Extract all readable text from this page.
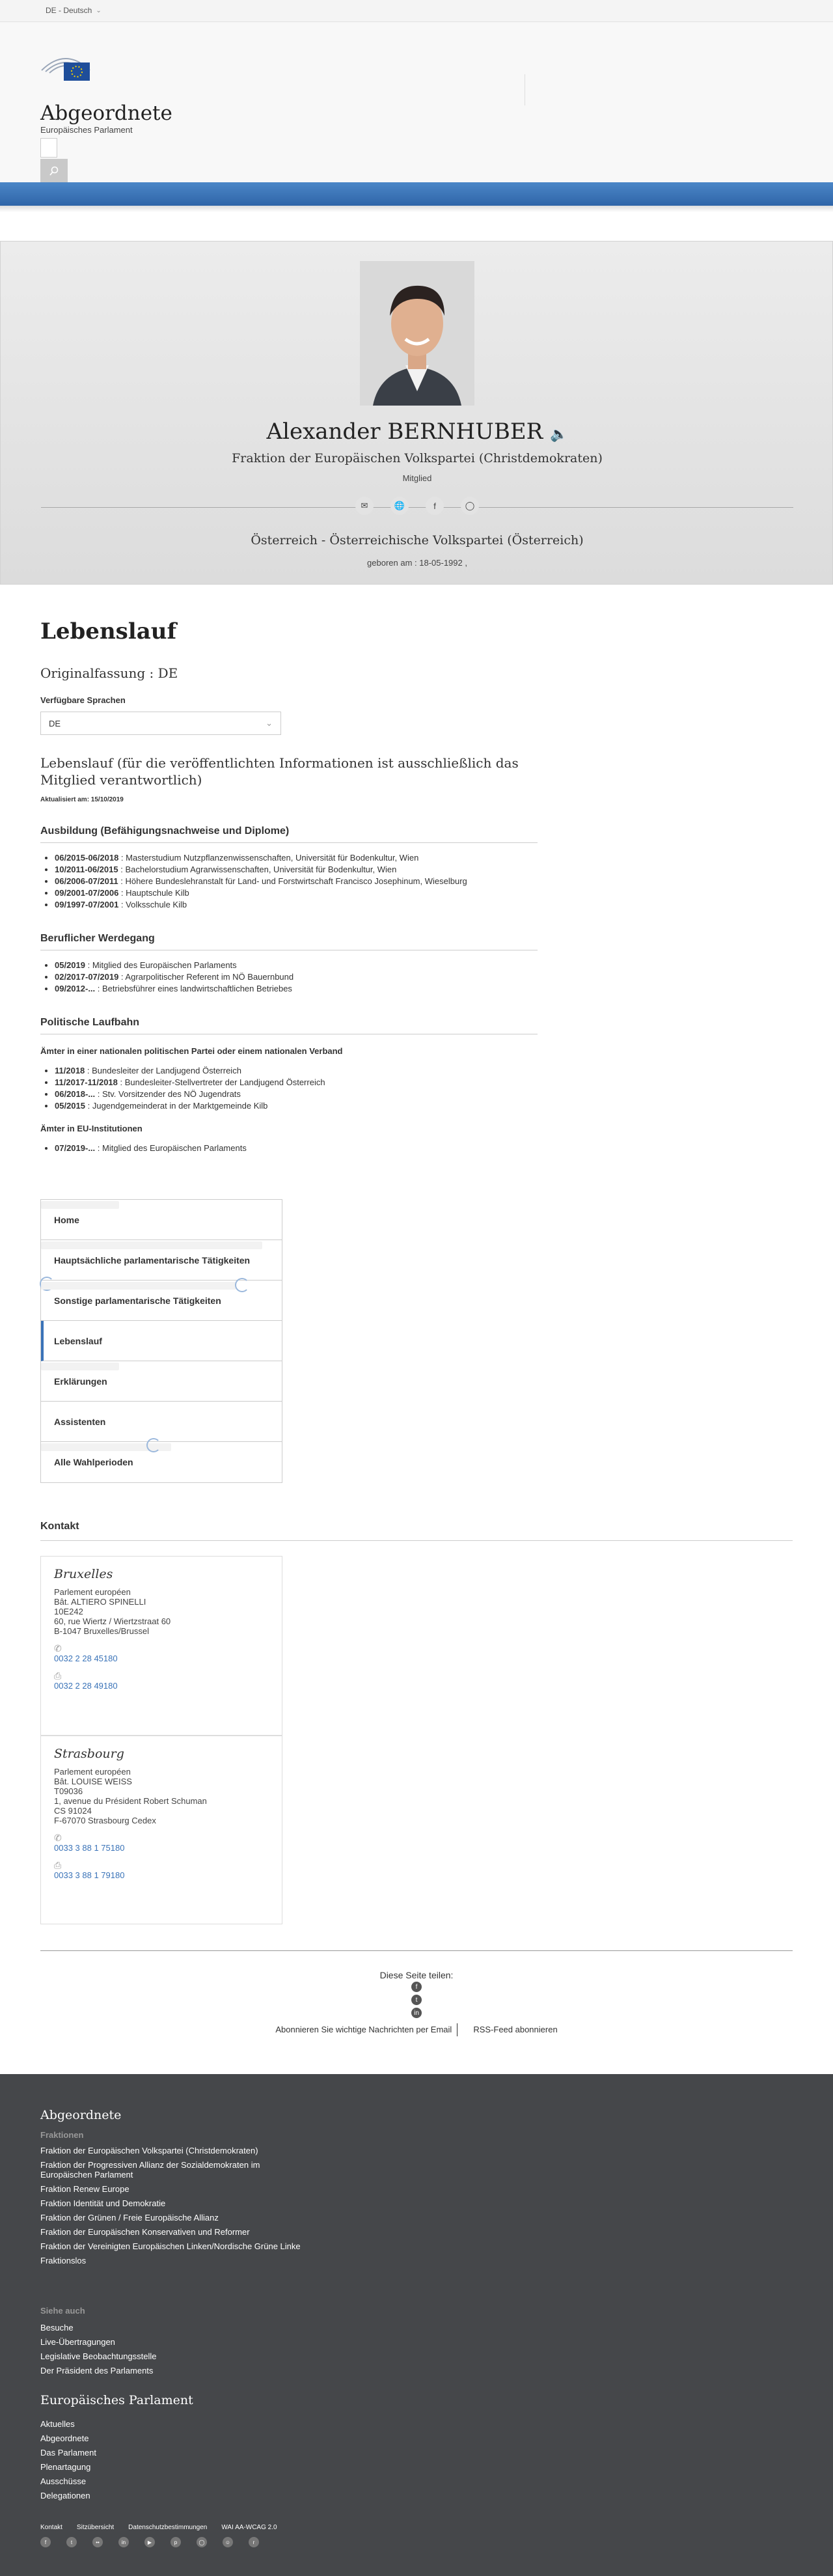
DE - Deutsch ⌄
Abgeordnete
Europäisches Parlament
Alexander BERNHUBER 🔈
Fraktion der Europäischen Volkspartei (Christdemokraten)
Mitglied
✉	🌐	f	◯
Österreich - Österreichische Volkspartei (Österreich)
geboren am : 18-05-1992 ,
Lebenslauf
Originalfassung : DE
Verfügbare Sprachen
DE	⌄
Lebenslauf (für die veröffentlichten Informationen ist ausschließlich das Mitglied verantwortlich)
Aktualisiert am: 15/10/2019
Ausbildung (Befähigungsnachweise und Diplome)
• 06/2015-06/2018 : Masterstudium Nutzpflanzenwissenschaften, Universität für Bodenkultur, Wien
• 10/2011-06/2015 : Bachelorstudium Agrarwissenschaften, Universität für Bodenkultur, Wien
• 06/2006-07/2011 : Höhere Bundeslehranstalt für Land- und Forstwirtschaft Francisco Josephinum, Wieselburg
• 09/2001-07/2006 : Hauptschule Kilb
• 09/1997-07/2001 : Volksschule Kilb
Beruflicher Werdegang
• 05/2019 : Mitglied des Europäischen Parlaments
• 02/2017-07/2019 : Agrarpolitischer Referent im NÖ Bauernbund
• 09/2012-... : Betriebsführer eines landwirtschaftlichen Betriebes
Politische Laufbahn
Ämter in einer nationalen politischen Partei oder einem nationalen Verband
• 11/2018 : Bundesleiter der Landjugend Österreich
• 11/2017-11/2018 : Bundesleiter-Stellvertreter der Landjugend Österreich
• 06/2018-... : Stv. Vorsitzender des NÖ Jugendrats
• 05/2015 : Jugendgemeinderat in der Marktgemeinde Kilb
Ämter in EU-Institutionen
• 07/2019-... : Mitglied des Europäischen Parlaments
Home
Hauptsächliche parlamentarische Tätigkeiten
Sonstige parlamentarische Tätigkeiten
Lebenslauf
Erklärungen
Assistenten
Alle Wahlperioden
Kontakt
Bruxelles
Parlement européen
Bât. ALTIERO SPINELLI
10E242
60, rue Wiertz / Wiertzstraat 60
B-1047 Bruxelles/Brussel
✆
0032 2 28 45180
⎙
0032 2 28 49180
Strasbourg
Parlement européen
Bât. LOUISE WEISS
T09036
1, avenue du Président Robert Schuman
CS 91024
F-67070 Strasbourg Cedex
✆
0033 3 88 1 75180
⎙
0033 3 88 1 79180
Diese Seite teilen:
f
t
in
Abonnieren Sie wichtige Nachrichten per Email	RSS-Feed abonnieren
Abgeordnete
Fraktionen
Fraktion der Europäischen Volkspartei (Christdemokraten)
Fraktion der Progressiven Allianz der Sozialdemokraten im Europäischen Parlament
Fraktion Renew Europe
Fraktion Identität und Demokratie
Fraktion der Grünen / Freie Europäische Allianz
Fraktion der Europäischen Konservativen und Reformer
Fraktion der Vereinigten Europäischen Linken/Nordische Grüne Linke
Fraktionslos
Siehe auch
Besuche
Live-Übertragungen
Legislative Beobachtungsstelle
Der Präsident des Parlaments
Europäisches Parlament
Aktuelles
Abgeordnete
Das Parlament
Plenartagung
Ausschüsse
Delegationen
Kontakt Sitzübersicht Datenschutzbestimmungen WAI AA-WCAG 2.0
f	t	••	in	▶	p	◯	☺	r
